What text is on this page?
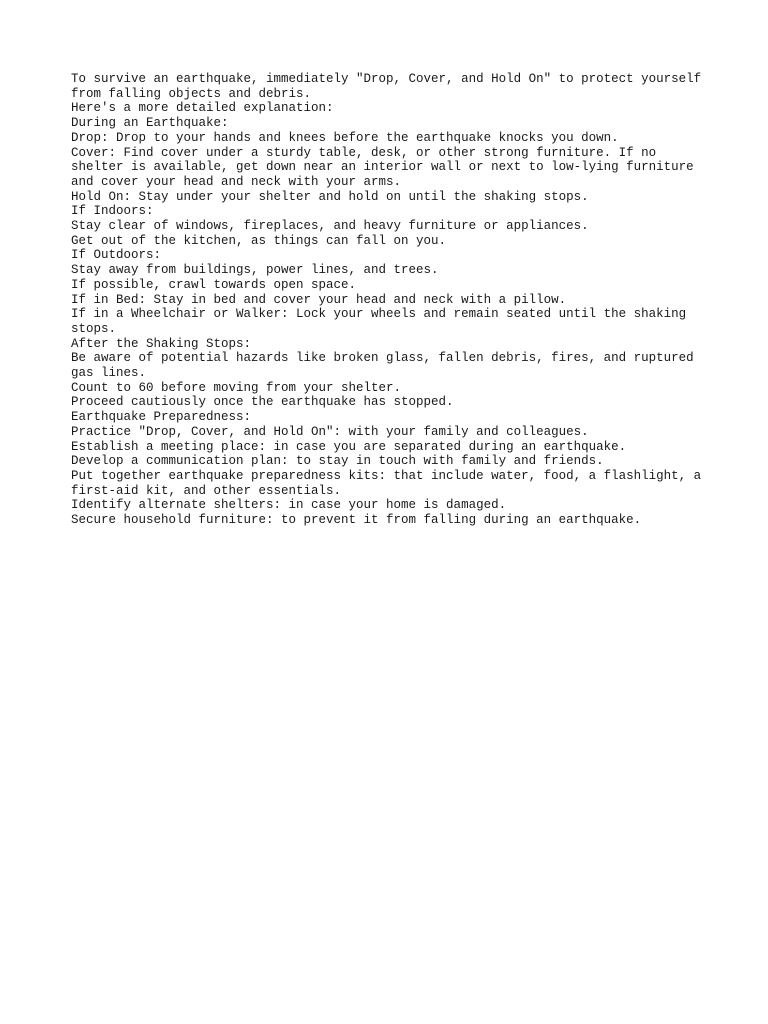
To survive an earthquake, immediately "Drop, Cover, and Hold On" to protect yourself from falling objects and debris.

Here's a more detailed explanation:

During an Earthquake:

Drop: Drop to your hands and knees before the earthquake knocks you down.

Cover: Find cover under a sturdy table, desk, or other strong furniture. If no shelter is available, get down near an interior wall or next to low-lying furniture and cover your head and neck with your arms.

Hold On: Stay under your shelter and hold on until the shaking stops.

If Indoors:

Stay clear of windows, fireplaces, and heavy furniture or appliances.

Get out of the kitchen, as things can fall on you.

If Outdoors:

Stay away from buildings, power lines, and trees.

If possible, crawl towards open space.

If in Bed: Stay in bed and cover your head and neck with a pillow.

If in a Wheelchair or Walker: Lock your wheels and remain seated until the shaking stops.

After the Shaking Stops:

Be aware of potential hazards like broken glass, fallen debris, fires, and ruptured gas lines.

Count to 60 before moving from your shelter.

Proceed cautiously once the earthquake has stopped.

Earthquake Preparedness:

Practice "Drop, Cover, and Hold On": with your family and colleagues.

Establish a meeting place: in case you are separated during an earthquake.

Develop a communication plan: to stay in touch with family and friends.

Put together earthquake preparedness kits: that include water, food, a flashlight, a first-aid kit, and other essentials.

Identify alternate shelters: in case your home is damaged.

Secure household furniture: to prevent it from falling during an earthquake.
